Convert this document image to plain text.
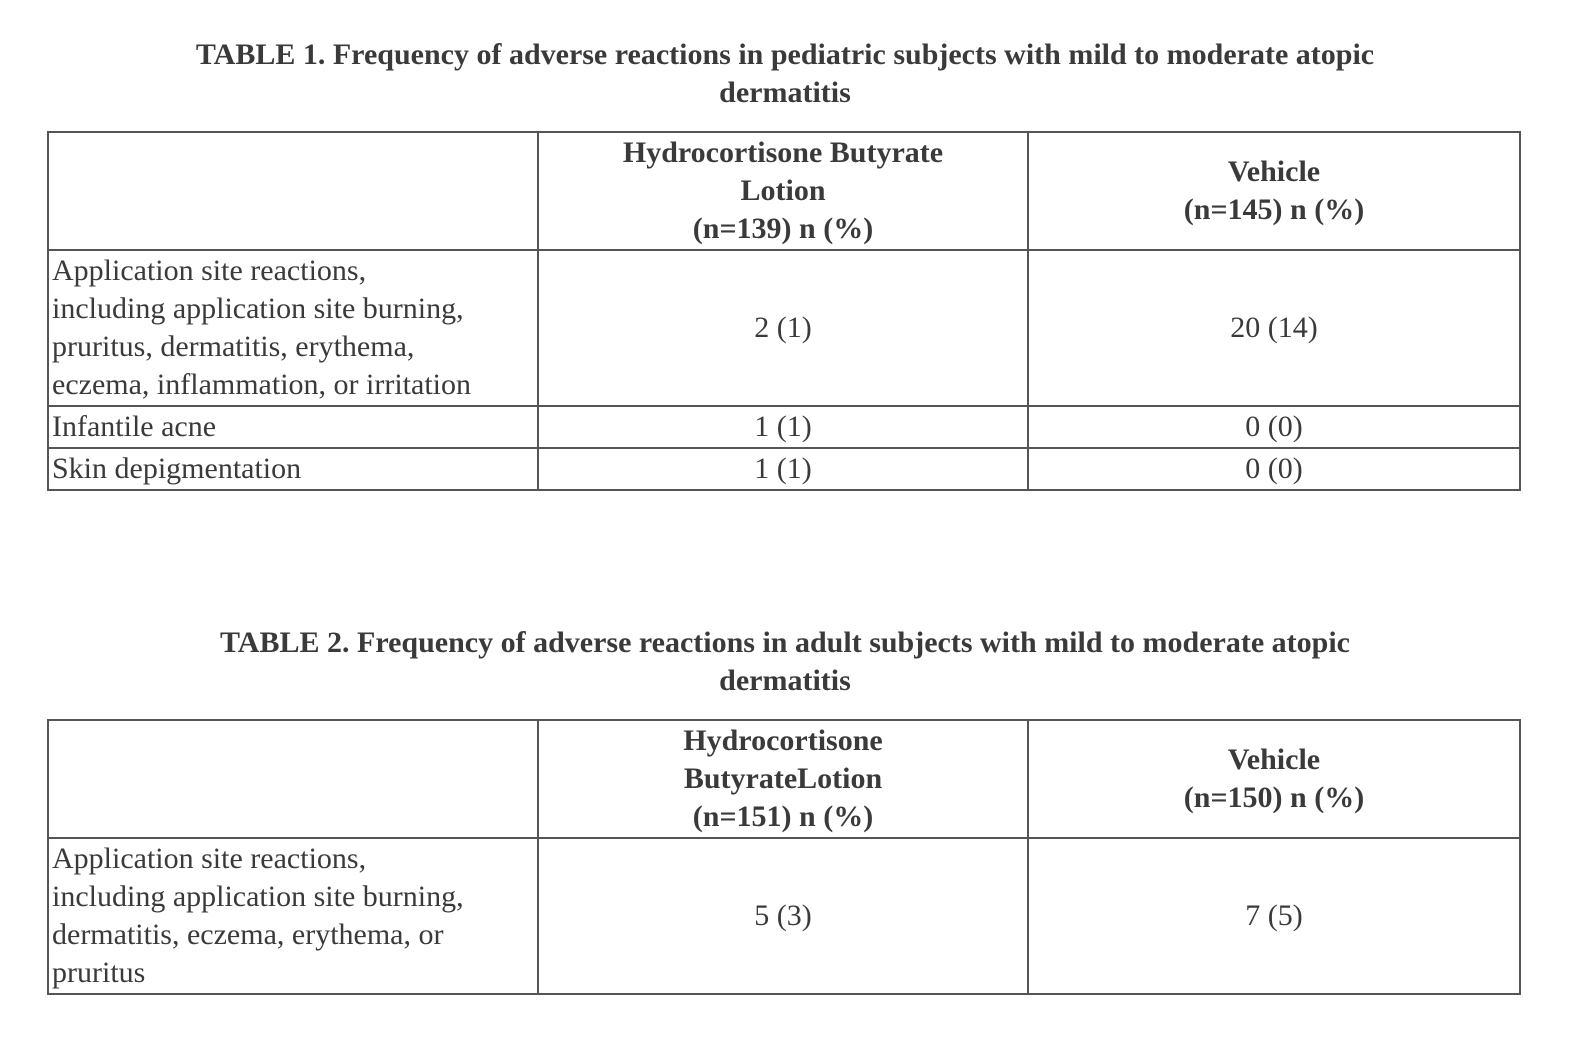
TABLE 1. Frequency of adverse reactions in pediatric subjects with mild to moderate atopic
dermatitis

	Hydrocortisone Butyrate
Lotion
(n=139) n (%)	Vehicle
(n=145) n (%)

Application site reactions,
including application site burning,
pruritus, dermatitis, erythema,
eczema, inflammation, or irritation	2 (1)	20 (14)
Infantile acne	1 (1)	0 (0)
Skin depigmentation	1 (1)	0 (0)
TABLE 2. Frequency of adverse reactions in adult subjects with mild to moderate atopic
dermatitis

	Hydrocortisone
ButyrateLotion
(n=151) n (%)	Vehicle
(n=150) n (%)

Application site reactions,
including application site burning,
dermatitis, eczema, erythema, or
pruritus	5 (3)	7 (5)
